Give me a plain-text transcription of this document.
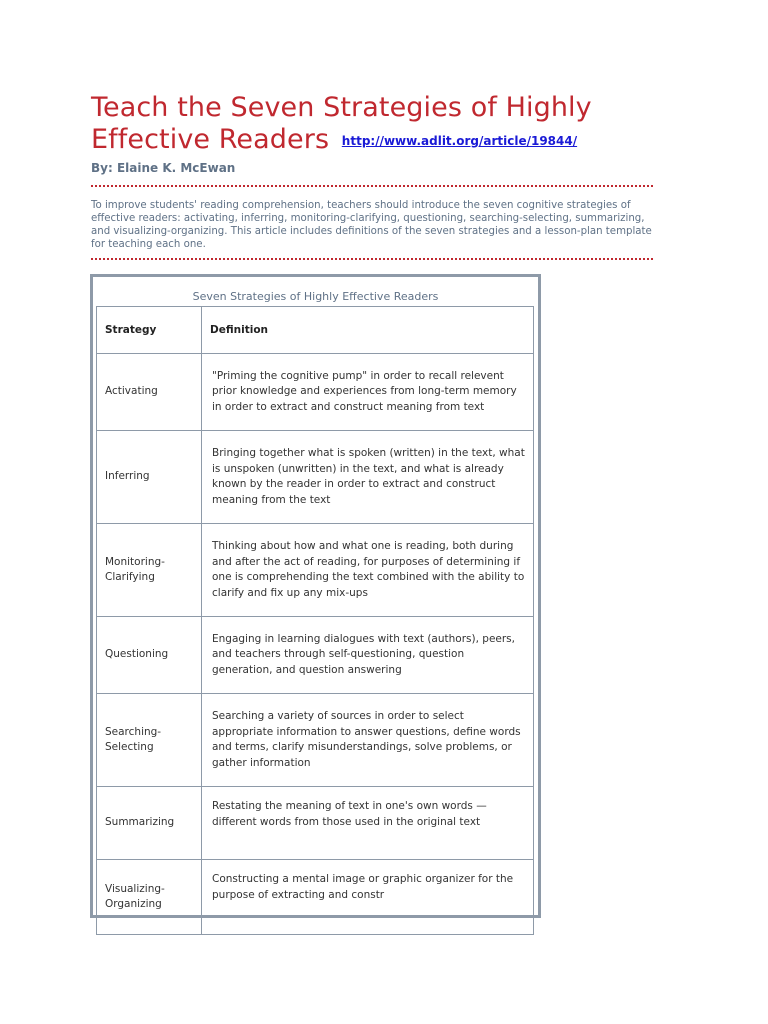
Teach the Seven Strategies of Highly Effective Readers http://www.adlit.org/article/19844/
By: Elaine K. McEwan

To improve students' reading comprehension, teachers should introduce the seven cognitive strategies of effective readers: activating, inferring, monitoring-clarifying, questioning, searching-selecting, summarizing, and visualizing-organizing. This article includes definitions of the seven strategies and a lesson-plan template for teaching each one.

Seven Strategies of Highly Effective Readers
Strategy	Definition
Activating	"Priming the cognitive pump" in order to recall relevent prior knowledge and experiences from long-term memory in order to extract and construct meaning from text
Inferring	Bringing together what is spoken (written) in the text, what is unspoken (unwritten) in the text, and what is already known by the reader in order to extract and construct meaning from the text
Monitoring-Clarifying	Thinking about how and what one is reading, both during and after the act of reading, for purposes of determining if one is comprehending the text combined with the ability to clarify and fix up any mix-ups
Questioning	Engaging in learning dialogues with text (authors), peers, and teachers through self-questioning, question generation, and question answering
Searching-Selecting	Searching a variety of sources in order to select appropriate information to answer questions, define words and terms, clarify misunderstandings, solve problems, or gather information
Summarizing	Restating the meaning of text in one's own words — different words from those used in the original text
Visualizing-Organizing	Constructing a mental image or graphic organizer for the purpose of extracting and constr
